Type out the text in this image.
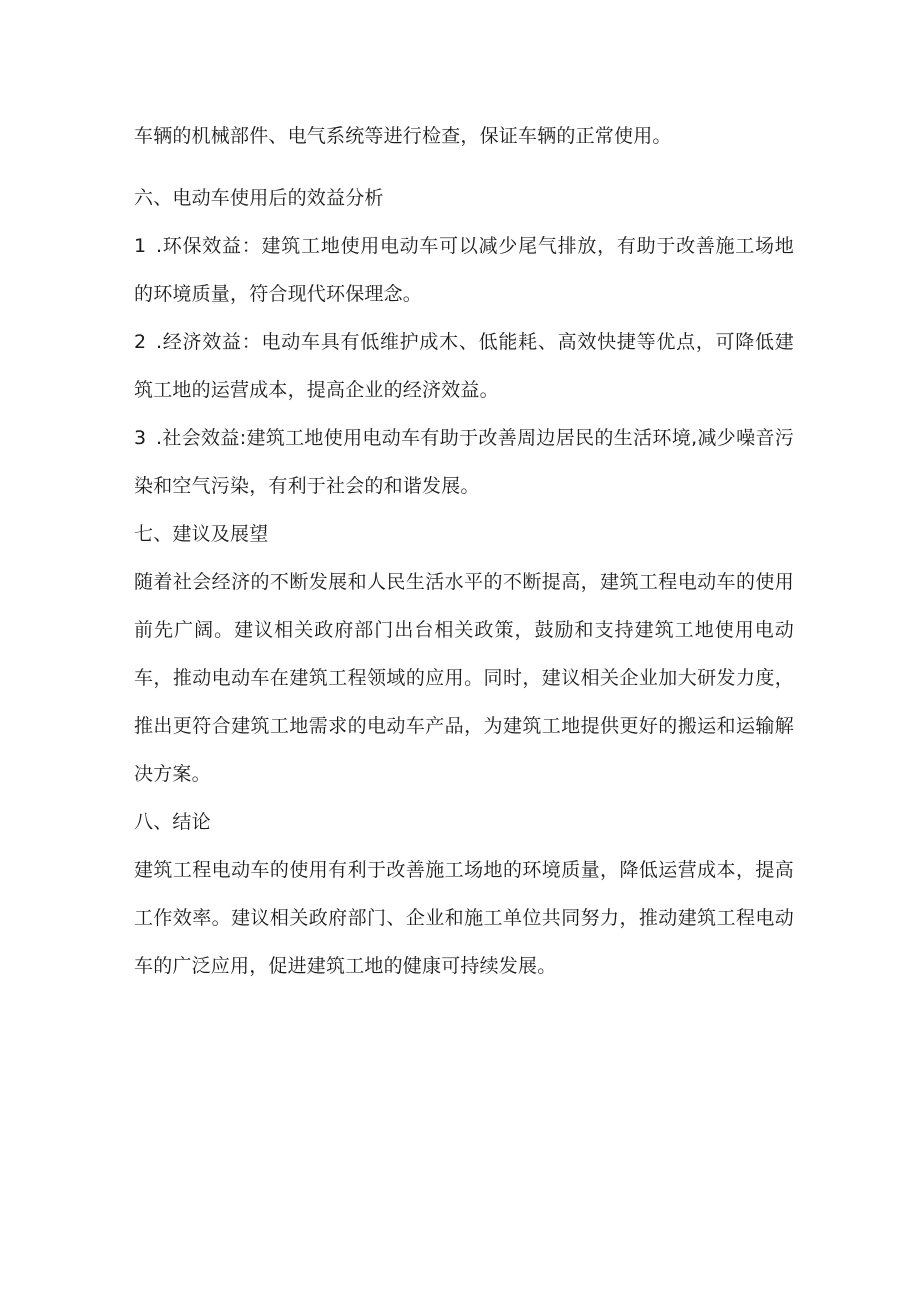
车辆的机械部件、电气系统等进行检查，保证车辆的正常使用。

六、电动车使用后的效益分析

1 .环保效益：建筑工地使用电动车可以减少尾气排放，有助于改善施工场地的环境质量，符合现代环保理念。

2 .经济效益：电动车具有低维护成木、低能耗、高效快捷等优点，可降低建筑工地的运营成本，提高企业的经济效益。

3 .社会效益:建筑工地使用电动车有助于改善周边居民的生活环境,减少噪音污染和空气污染，有利于社会的和谐发展。

七、建议及展望

随着社会经济的不断发展和人民生活水平的不断提高，建筑工程电动车的使用前先广阔。建议相关政府部门出台相关政策，鼓励和支持建筑工地使用电动车，推动电动车在建筑工程领域的应用。同时，建议相关企业加大研发力度，推出更符合建筑工地需求的电动车产品，为建筑工地提供更好的搬运和运输解决方案。

八、结论

建筑工程电动车的使用有利于改善施工场地的环境质量，降低运营成本，提高工作效率。建议相关政府部门、企业和施工单位共同努力，推动建筑工程电动车的广泛应用，促进建筑工地的健康可持续发展。
